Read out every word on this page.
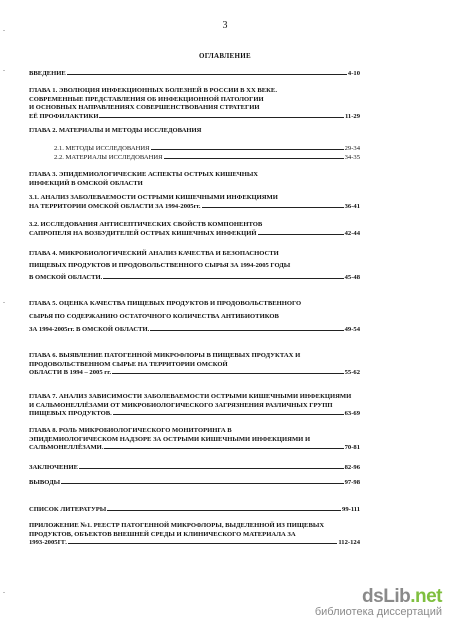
-
-
-
-
3
ОГЛАВЛЕНИЕ
ВВЕДЕНИЕ	4-10
ГЛАВА 1. ЭВОЛЮЦИЯ ИНФЕКЦИОННЫХ БОЛЕЗНЕЙ В РОССИИ В XX ВЕКЕ.
СОВРЕМЕННЫЕ ПРЕДСТАВЛЕНИЯ ОБ ИНФЕКЦИОННОЙ ПАТОЛОГИИ
И ОСНОВНЫХ НАПРАВЛЕНИЯХ СОВЕРШЕНСТВОВАНИЯ СТРАТЕГИИ
ЕЁ ПРОФИЛАКТИКИ	11-29
ГЛАВА 2. МАТЕРИАЛЫ И МЕТОДЫ ИССЛЕДОВАНИЯ
2.1. МЕТОДЫ ИССЛЕДОВАНИЯ	29-34
2.2. МАТЕРИАЛЫ ИССЛЕДОВАНИЯ	34-35
ГЛАВА 3. ЭПИДЕМИОЛОГИЧЕСКИЕ АСПЕКТЫ ОСТРЫХ КИШЕЧНЫХ
ИНФЕКЦИЙ В ОМСКОЙ ОБЛАСТИ
3.1. АНАЛИЗ ЗАБОЛЕВАЕМОСТИ ОСТРЫМИ КИШЕЧНЫМИ ИНФЕКЦИЯМИ
НА ТЕРРИТОРИИ ОМСКОЙ ОБЛАСТИ ЗА 1994-2005гг.	36-41
3.2. ИССЛЕДОВАНИЯ АНТИСЕПТИЧЕСКИХ СВОЙСТВ КОМПОНЕНТОВ
САПРОПЕЛЯ НА ВОЗБУДИТЕЛЕЙ ОСТРЫХ КИШЕЧНЫХ ИНФЕКЦИЙ	42-44
ГЛАВА 4. МИКРОБИОЛОГИЧЕСКИЙ АНАЛИЗ КАЧЕСТВА И БЕЗОПАСНОСТИ
ПИЩЕВЫХ ПРОДУКТОВ И ПРОДОВОЛЬСТВЕННОГО СЫРЬЯ ЗА 1994-2005 ГОДЫ
В ОМСКОЙ ОБЛАСТИ.	45-48
ГЛАВА 5. ОЦЕНКА КАЧЕСТВА ПИЩЕВЫХ ПРОДУКТОВ И ПРОДОВОЛЬСТВЕННОГО
СЫРЬЯ ПО СОДЕРЖАНИЮ ОСТАТОЧНОГО КОЛИЧЕСТВА АНТИБИОТИКОВ
ЗА 1994-2005гг. В ОМСКОЙ ОБЛАСТИ.	49-54
ГЛАВА 6. ВЫЯВЛЕНИЕ ПАТОГЕННОЙ МИКРОФЛОРЫ В ПИЩЕВЫХ ПРОДУКТАХ И
ПРОДОВОЛЬСТВЕННОМ СЫРЬЕ НА ТЕРРИТОРИИ ОМСКОЙ
ОБЛАСТИ В 1994 – 2005 гг.	55-62
ГЛАВА 7. АНАЛИЗ ЗАВИСИМОСТИ ЗАБОЛЕВАЕМОСТИ ОСТРЫМИ КИШЕЧНЫМИ ИНФЕКЦИЯМИ
И САЛЬМОНЕЛЛЁЗАМИ ОТ МИКРОБИОЛОГИЧЕСКОГО ЗАГРЯЗНЕНИЯ РАЗЛИЧНЫХ ГРУПП
ПИЩЕВЫХ ПРОДУКТОВ.	63-69
ГЛАВА 8. РОЛЬ МИКРОБИОЛОГИЧЕСКОГО МОНИТОРИНГА В
ЭПИДЕМИОЛОГИЧЕСКОМ НАДЗОРЕ ЗА ОСТРЫМИ КИШЕЧНЫМИ ИНФЕКЦИЯМИ И
САЛЬМОНЕЛЛЁЗАМИ.	70-81
ЗАКЛЮЧЕНИЕ	82-96
ВЫВОДЫ	97-98
СПИСОК ЛИТЕРАТУРЫ	99-111
ПРИЛОЖЕНИЕ №1. РЕЕСТР ПАТОГЕННОЙ МИКРОФЛОРЫ, ВЫДЕЛЕННОЙ ИЗ ПИЩЕВЫХ
ПРОДУКТОВ, ОБЪЕКТОВ ВНЕШНЕЙ СРЕДЫ И КЛИНИЧЕСКОГО МАТЕРИАЛА ЗА
1993-2005ГГ.	112-124
dsLib.net
библиотека диссертаций
